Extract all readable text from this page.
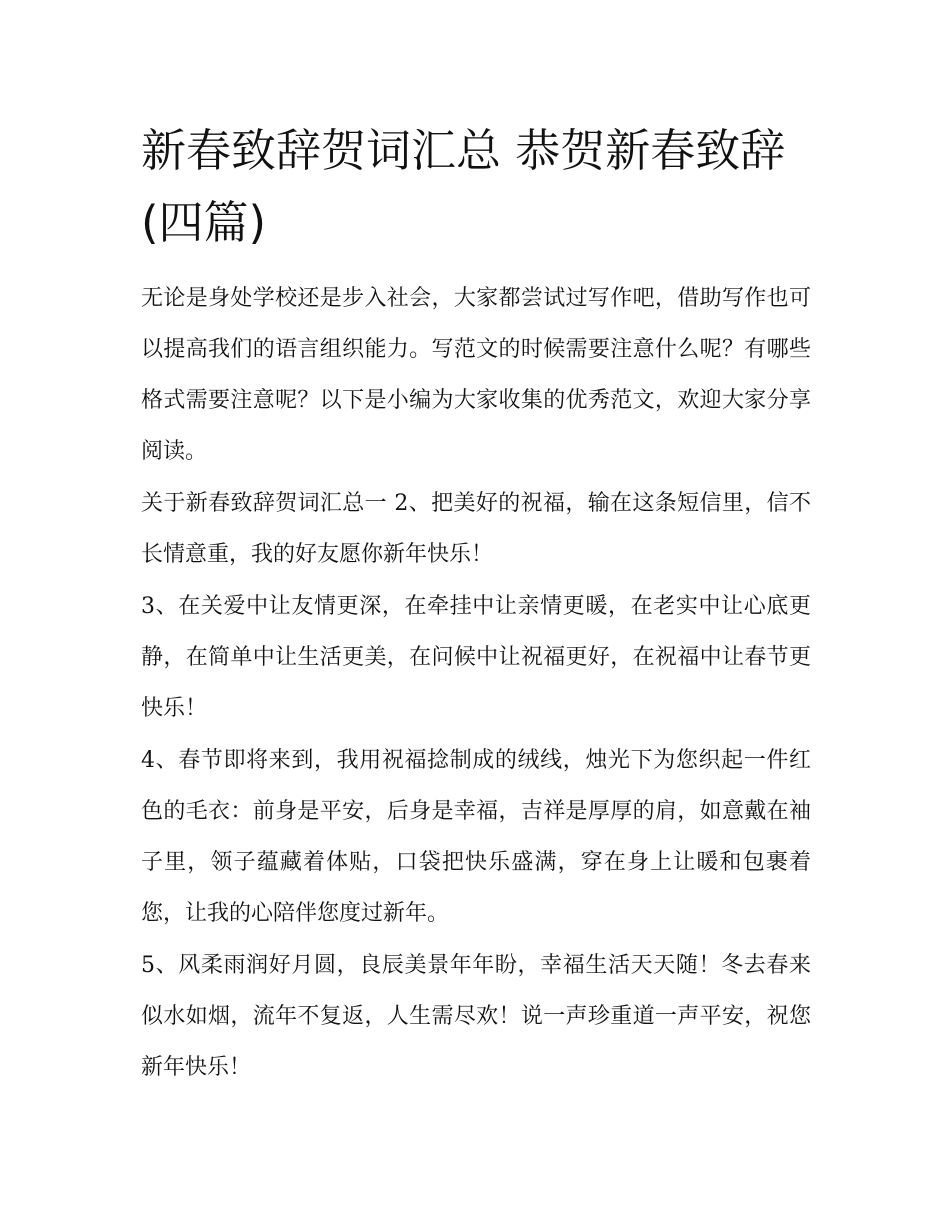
新春致辞贺词汇总 恭贺新春致辞(四篇)

无论是身处学校还是步入社会，大家都尝试过写作吧，借助写作也可以提高我们的语言组织能力。写范文的时候需要注意什么呢？有哪些格式需要注意呢？以下是小编为大家收集的优秀范文，欢迎大家分享阅读。

关于新春致辞贺词汇总一 2、把美好的祝福，输在这条短信里，信不长情意重，我的好友愿你新年快乐！

3、在关爱中让友情更深，在牵挂中让亲情更暖，在老实中让心底更静，在简单中让生活更美，在问候中让祝福更好，在祝福中让春节更快乐！

4、春节即将来到，我用祝福捻制成的绒线，烛光下为您织起一件红色的毛衣：前身是平安，后身是幸福，吉祥是厚厚的肩，如意戴在袖子里，领子蕴藏着体贴，口袋把快乐盛满，穿在身上让暖和包裹着您，让我的心陪伴您度过新年。

5、风柔雨润好月圆，良辰美景年年盼，幸福生活天天随！冬去春来似水如烟，流年不复返，人生需尽欢！说一声珍重道一声平安，祝您新年快乐！
